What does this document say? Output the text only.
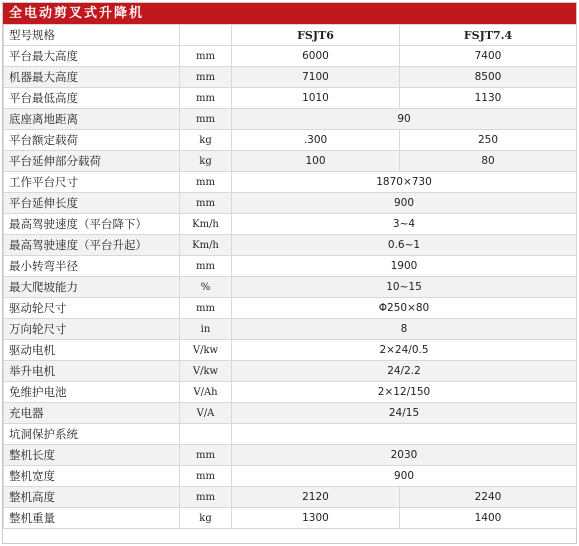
全电动剪叉式升降机
型号规格		FSJT6	FSJT7.4
平台最大高度	mm	6000	7400
机器最大高度	mm	7100	8500
平台最低高度	mm	1010	1130
底座离地距离	mm	90	
平台额定载荷	kg	.300	250
平台延伸部分载荷	kg	100	80
工作平台尺寸	mm	1870×730	
平台延伸长度	mm	900	
最高驾驶速度（平台降下）	Km/h	3~4	
最高驾驶速度（平台升起）	Km/h	0.6~1	
最小转弯半径	mm	1900	
最大爬坡能力	%	10~15	
驱动轮尺寸	mm	Φ250×80	
万向轮尺寸	in	8	
驱动电机	V/kw	2×24/0.5	
举升电机	V/kw	24/2.2	
免维护电池	V/Ah	2×12/150	
充电器	V/A	24/15	
坑洞保护系统			
整机长度	mm	2030	
整机宽度	mm	900	
整机高度	mm	2120	2240
整机重量	kg	1300	1400
